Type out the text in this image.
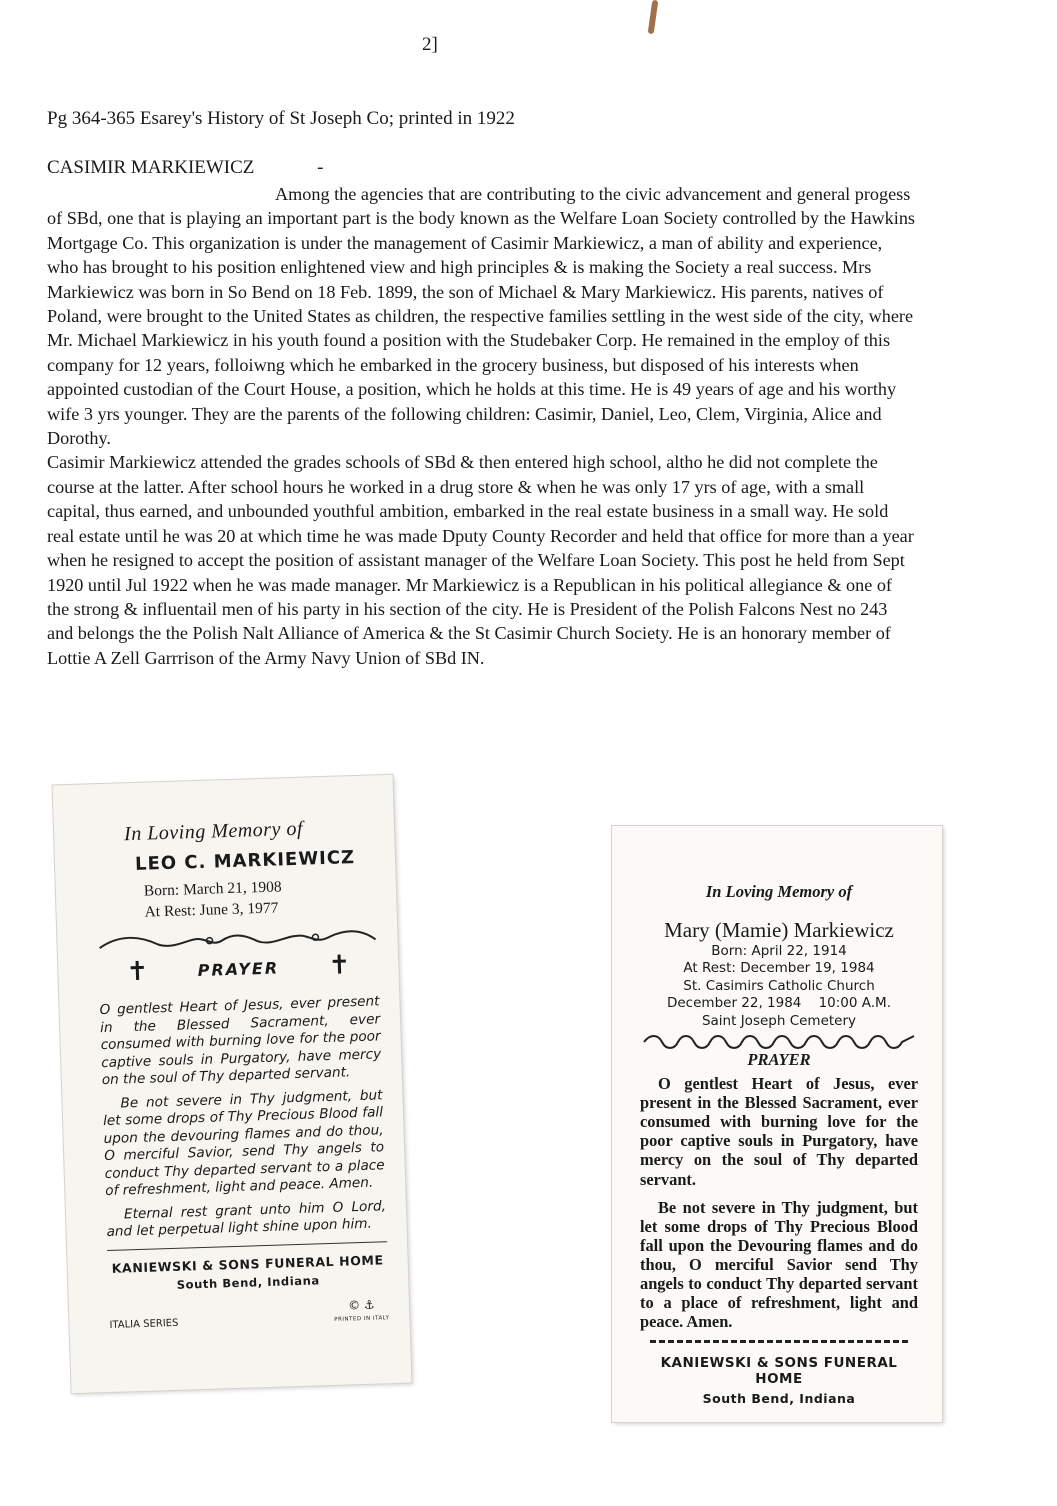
2]
Pg 364-365 Esarey's History of St Joseph Co; printed in 1922
CASIMIR MARKIEWICZ	-

Among the agencies that are contributing to the civic advancement and general progess of SBd, one that is playing an important part is the body known as the Welfare Loan Society controlled by the Hawkins Mortgage Co. This organization is under the management of Casimir Markiewicz, a man of ability and experience, who has brought to his position enlightened view and high principles & is making the Society a real success. Mrs Markiewicz was born in So Bend on 18 Feb. 1899, the son of Michael & Mary Markiewicz. His parents, natives of Poland, were brought to the United States as children, the respective families settling in the west side of the city, where Mr. Michael Markiewicz in his youth found a position with the Studebaker Corp. He remained in the employ of this company for 12 years, folloiwng which he embarked in the grocery business, but disposed of his interests when appointed custodian of the Court House, a position, which he holds at this time. He is 49 years of age and his worthy wife 3 yrs younger. They are the parents of the following children: Casimir, Daniel, Leo, Clem, Virginia, Alice and Dorothy.

Casimir Markiewicz attended the grades schools of SBd & then entered high school, altho he did not complete the course at the latter. After school hours he worked in a drug store & when he was only 17 yrs of age, with a small capital, thus earned, and unbounded youthful ambition, embarked in the real estate business in a small way. He sold real estate until he was 20 at which time he was made Dputy County Recorder and held that office for more than a year when he resigned to accept the position of assistant manager of the Welfare Loan Society. This post he held from Sept 1920 until Jul 1922 when he was made manager. Mr Markiewicz is a Republican in his political allegiance & one of the strong & influentail men of his party in his section of the city. He is President of the Polish Falcons Nest no 243 and belongs the the Polish Nalt Alliance of America & the St Casimir Church Society. He is an honorary member of Lottie A Zell Garrrison of the Army Navy Union of SBd IN.

In Loving Memory of
LEO C. MARKIEWICZ
Born: March 21, 1908
At Rest: June 3, 1977
✝	PRAYER ✝

O gentlest Heart of Jesus, ever present in the Blessed Sacrament, ever consumed with burning love for the poor captive souls in Purgatory, have mercy on the soul of Thy departed servant.

Be not severe in Thy judgment, but let some drops of Thy Precious Blood fall upon the devouring flames and do thou, O merciful Savior, send Thy angels to conduct Thy departed servant to a place of refreshment, light and peace. Amen.

Eternal rest grant unto him O Lord, and let perpetual light shine upon him.

KANIEWSKI & SONS FUNERAL HOME
South Bend, Indiana
ITALIA SERIES
© ⚓
PRINTED IN ITALY
In Loving Memory of
Mary (Mamie) Markiewicz
Born: April 22, 1914
At Rest: December 19, 1984
St. Casimirs Catholic Church
December 22, 1984    10:00 A.M.
Saint Joseph Cemetery
PRAYER

O gentlest Heart of Jesus, ever present in the Blessed Sacrament, ever consumed with burning love for the poor captive souls in Purgatory, have mercy on the soul of Thy departed servant.

Be not severe in Thy judgment, but let some drops of Thy Precious Blood fall upon the Devouring flames and do thou, O merciful Savior send Thy angels to conduct Thy departed servant to a place of refreshment, light and peace. Amen.

KANIEWSKI & SONS FUNERAL HOME
South Bend, Indiana
